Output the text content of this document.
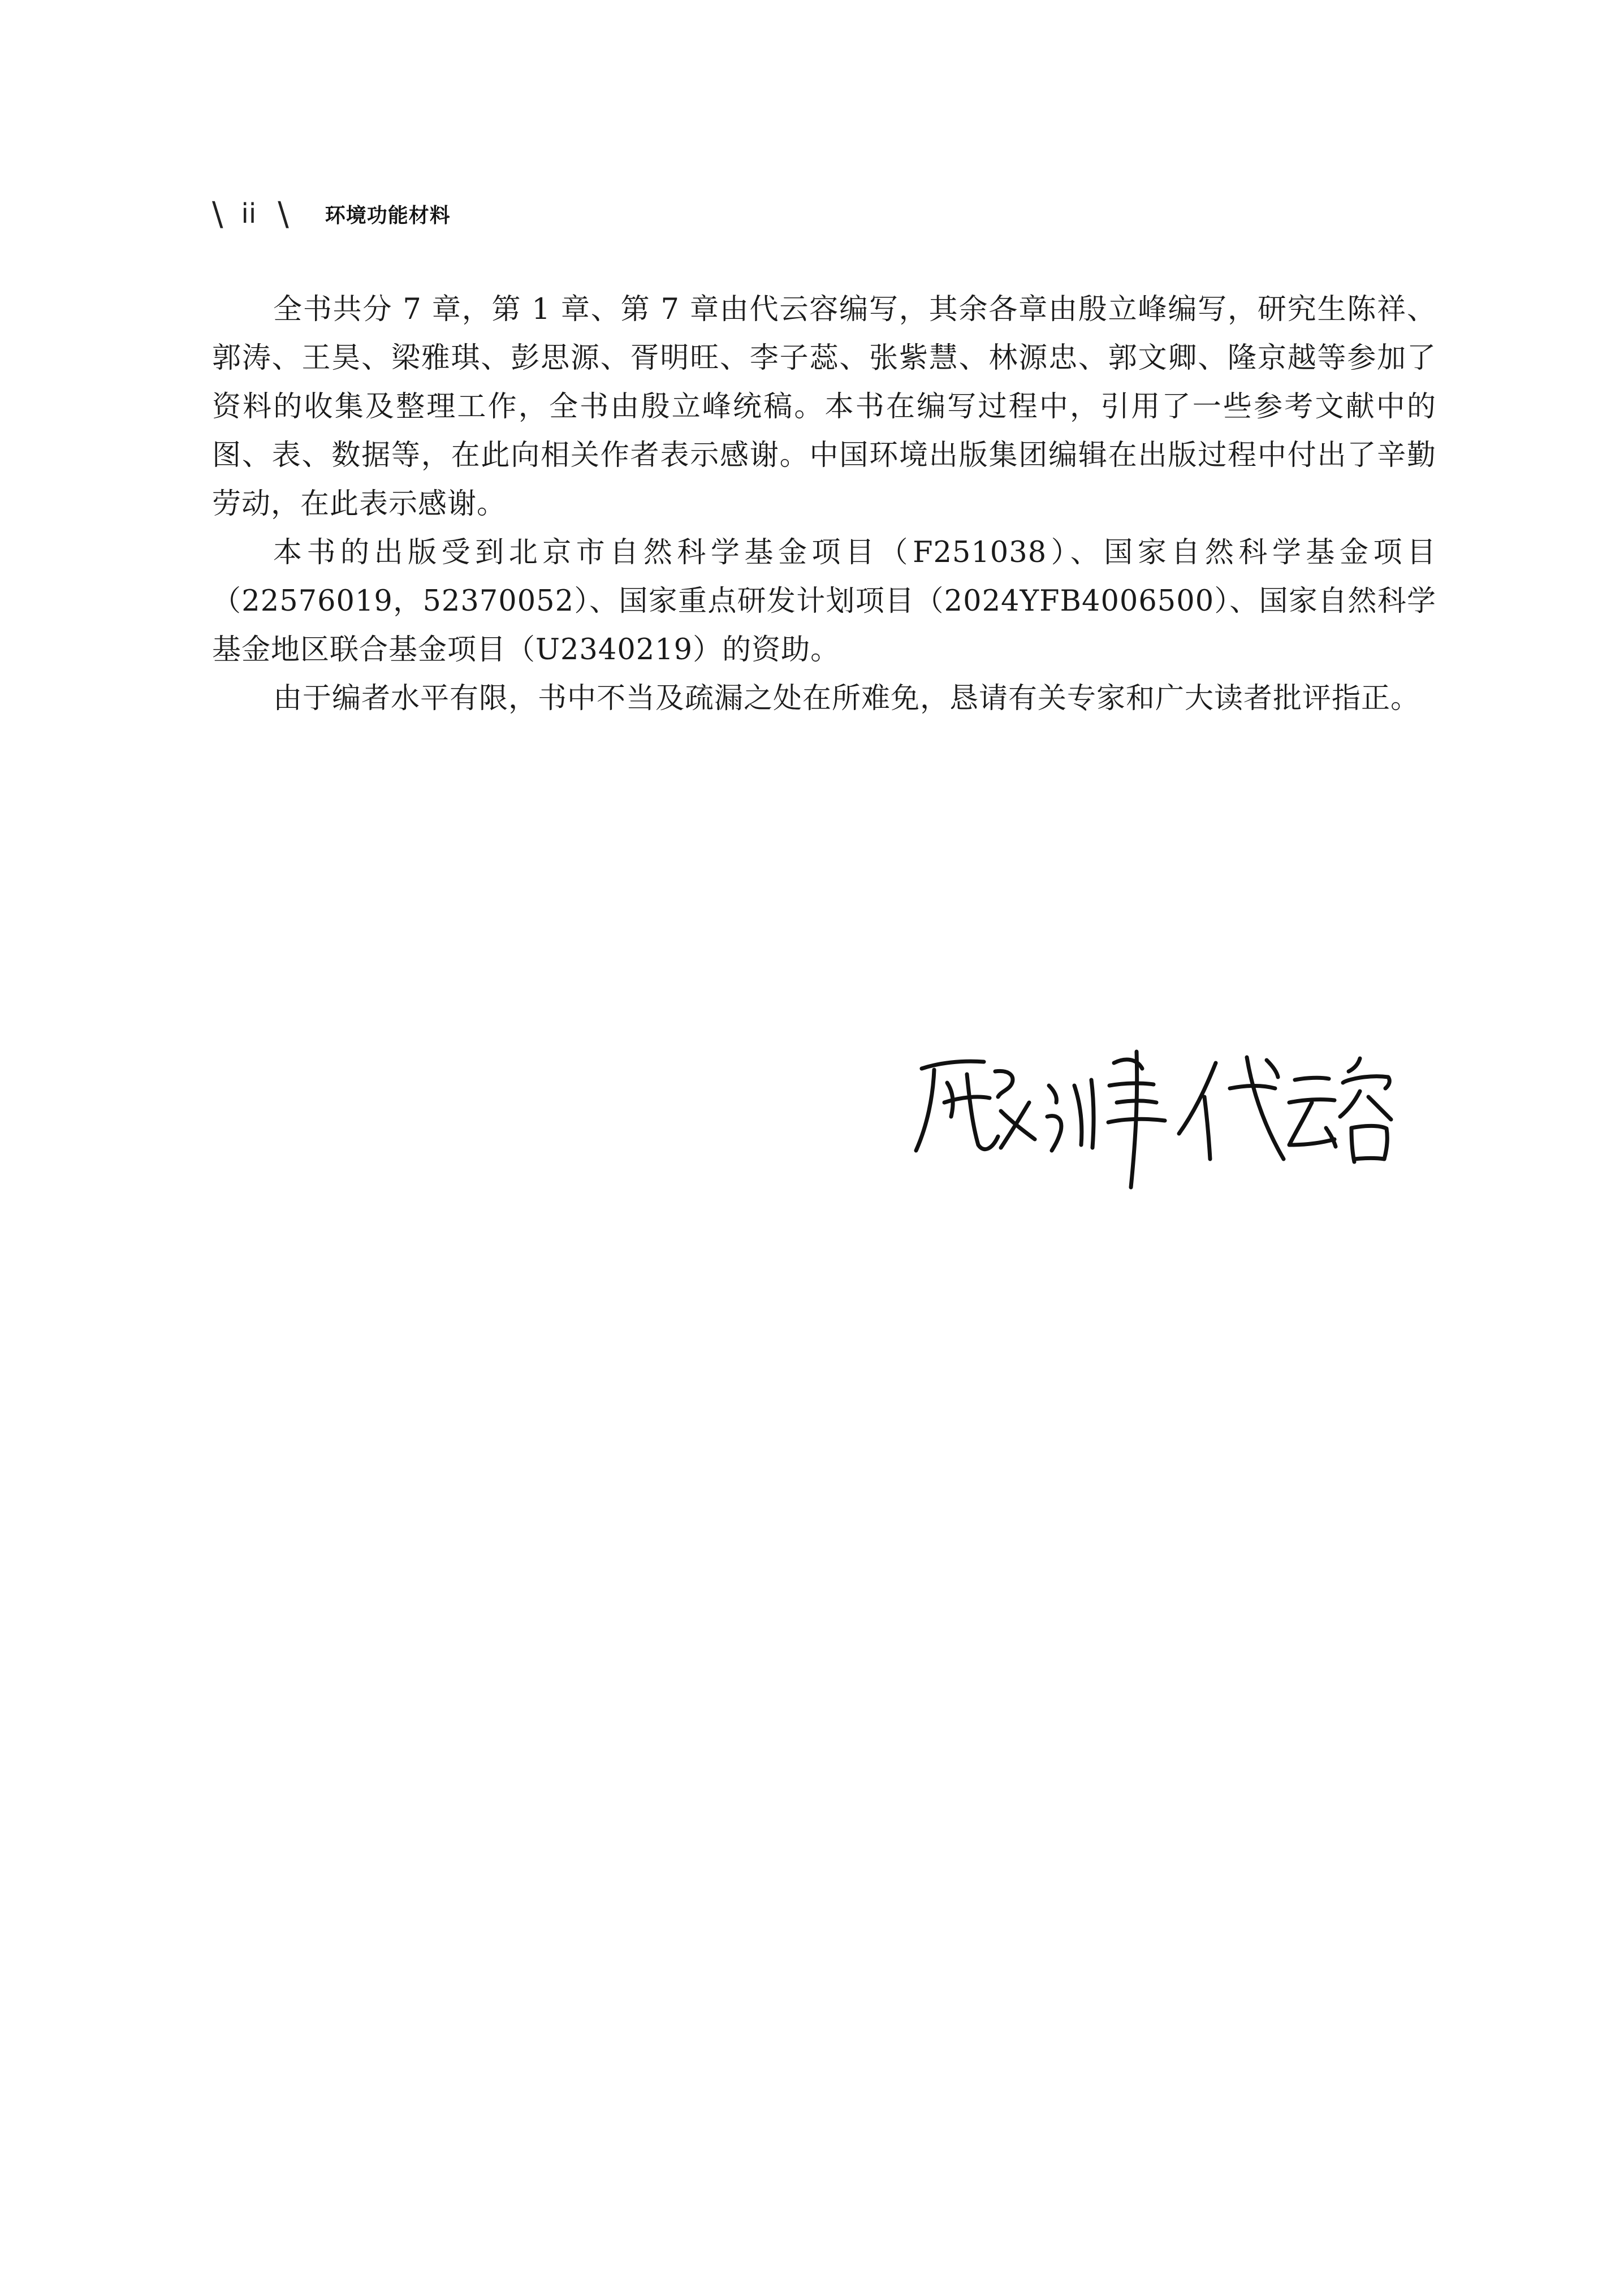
\ ii \ 环境功能材料

全书共分 7 章，第 1 章、第 7 章由代云容编写，其余各章由殷立峰编写，研究生陈祥、郭涛、王昊、梁雅琪、彭思源、胥明旺、李子蕊、张紫慧、林源忠、郭文卿、隆京越等参加了资料的收集及整理工作，全书由殷立峰统稿。本书在编写过程中，引用了一些参考文献中的图、表、数据等，在此向相关作者表示感谢。中国环境出版集团编辑在出版过程中付出了辛勤劳动，在此表示感谢。

本书的出版受到北京市自然科学基金项目（F251038）、国家自然科学基金项目（22576019，52370052）、国家重点研发计划项目（2024YFB4006500）、国家自然科学基金地区联合基金项目（U2340219）的资助。

由于编者水平有限，书中不当及疏漏之处在所难免，恳请有关专家和广大读者批评指正。
